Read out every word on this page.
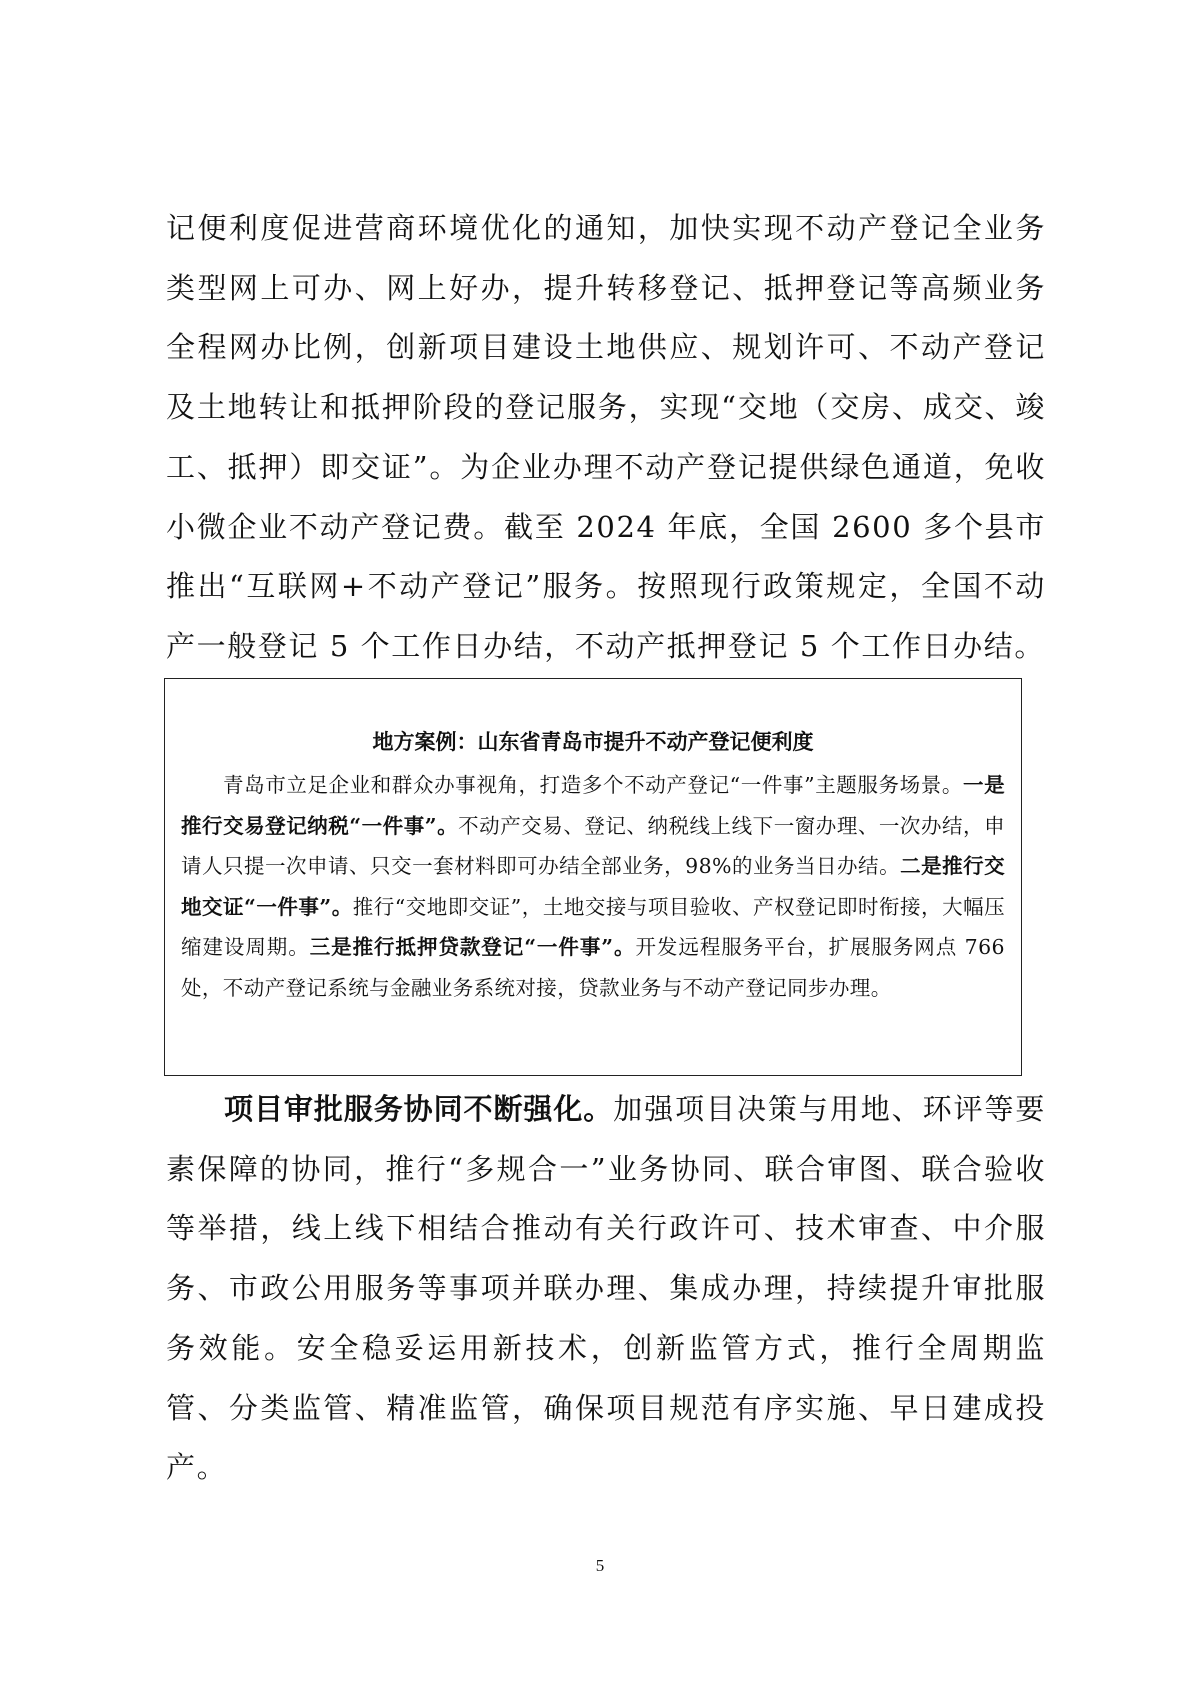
记便利度促进营商环境优化的通知，加快实现不动产登记全业务类型网上可办、网上好办，提升转移登记、抵押登记等高频业务全程网办比例，创新项目建设土地供应、规划许可、不动产登记及土地转让和抵押阶段的登记服务，实现“交地（交房、成交、竣工、抵押）即交证”。为企业办理不动产登记提供绿色通道，免收小微企业不动产登记费。截至 2024 年底，全国 2600 多个县市推出“互联网+不动产登记”服务。按照现行政策规定，全国不动产一般登记 5 个工作日办结，不动产抵押登记 5 个工作日办结。

地方案例：山东省青岛市提升不动产登记便利度

青岛市立足企业和群众办事视角，打造多个不动产登记“一件事”主题服务场景。一是推行交易登记纳税“一件事”。不动产交易、登记、纳税线上线下一窗办理、一次办结，申请人只提一次申请、只交一套材料即可办结全部业务，98%的业务当日办结。二是推行交地交证“一件事”。推行“交地即交证”，土地交接与项目验收、产权登记即时衔接，大幅压缩建设周期。三是推行抵押贷款登记“一件事”。开发远程服务平台，扩展服务网点 766 处，不动产登记系统与金融业务系统对接，贷款业务与不动产登记同步办理。

项目审批服务协同不断强化。加强项目决策与用地、环评等要素保障的协同，推行“多规合一”业务协同、联合审图、联合验收等举措，线上线下相结合推动有关行政许可、技术审查、中介服务、市政公用服务等事项并联办理、集成办理，持续提升审批服务效能。安全稳妥运用新技术，创新监管方式，推行全周期监管、分类监管、精准监管，确保项目规范有序实施、早日建成投产。

5
